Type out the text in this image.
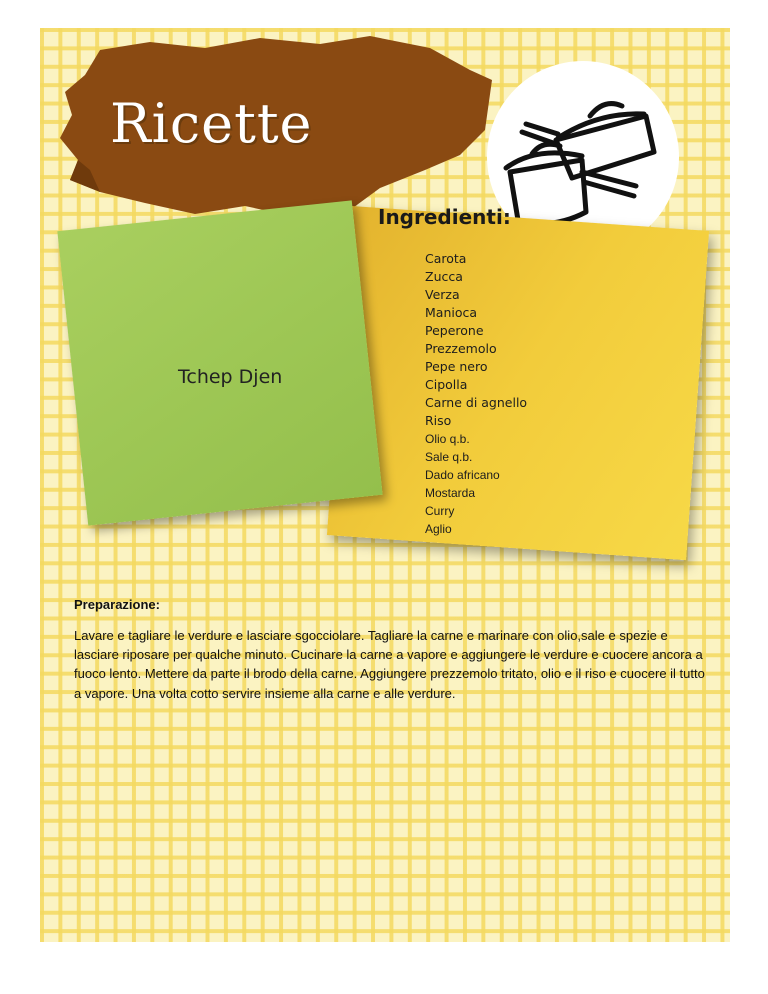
Ricette
Tchep Djen
Ingredienti:
Carota
Zucca
Verza
Manioca
Peperone
Prezzemolo
Pepe nero
Cipolla
Carne di agnello
Riso
Olio q.b.
Sale q.b.
Dado africano
Mostarda
Curry
Aglio
Preparazione:
Lavare e tagliare le verdure e lasciare sgocciolare. Tagliare la carne e marinare con olio,sale e spezie e lasciare riposare per qualche minuto. Cucinare la carne a vapore e aggiungere le verdure e cuocere ancora a fuoco lento. Mettere da parte il brodo della carne. Aggiungere prezzemolo tritato, olio e il riso e cuocere il tutto a vapore. Una volta cotto servire insieme alla carne e alle verdure.
